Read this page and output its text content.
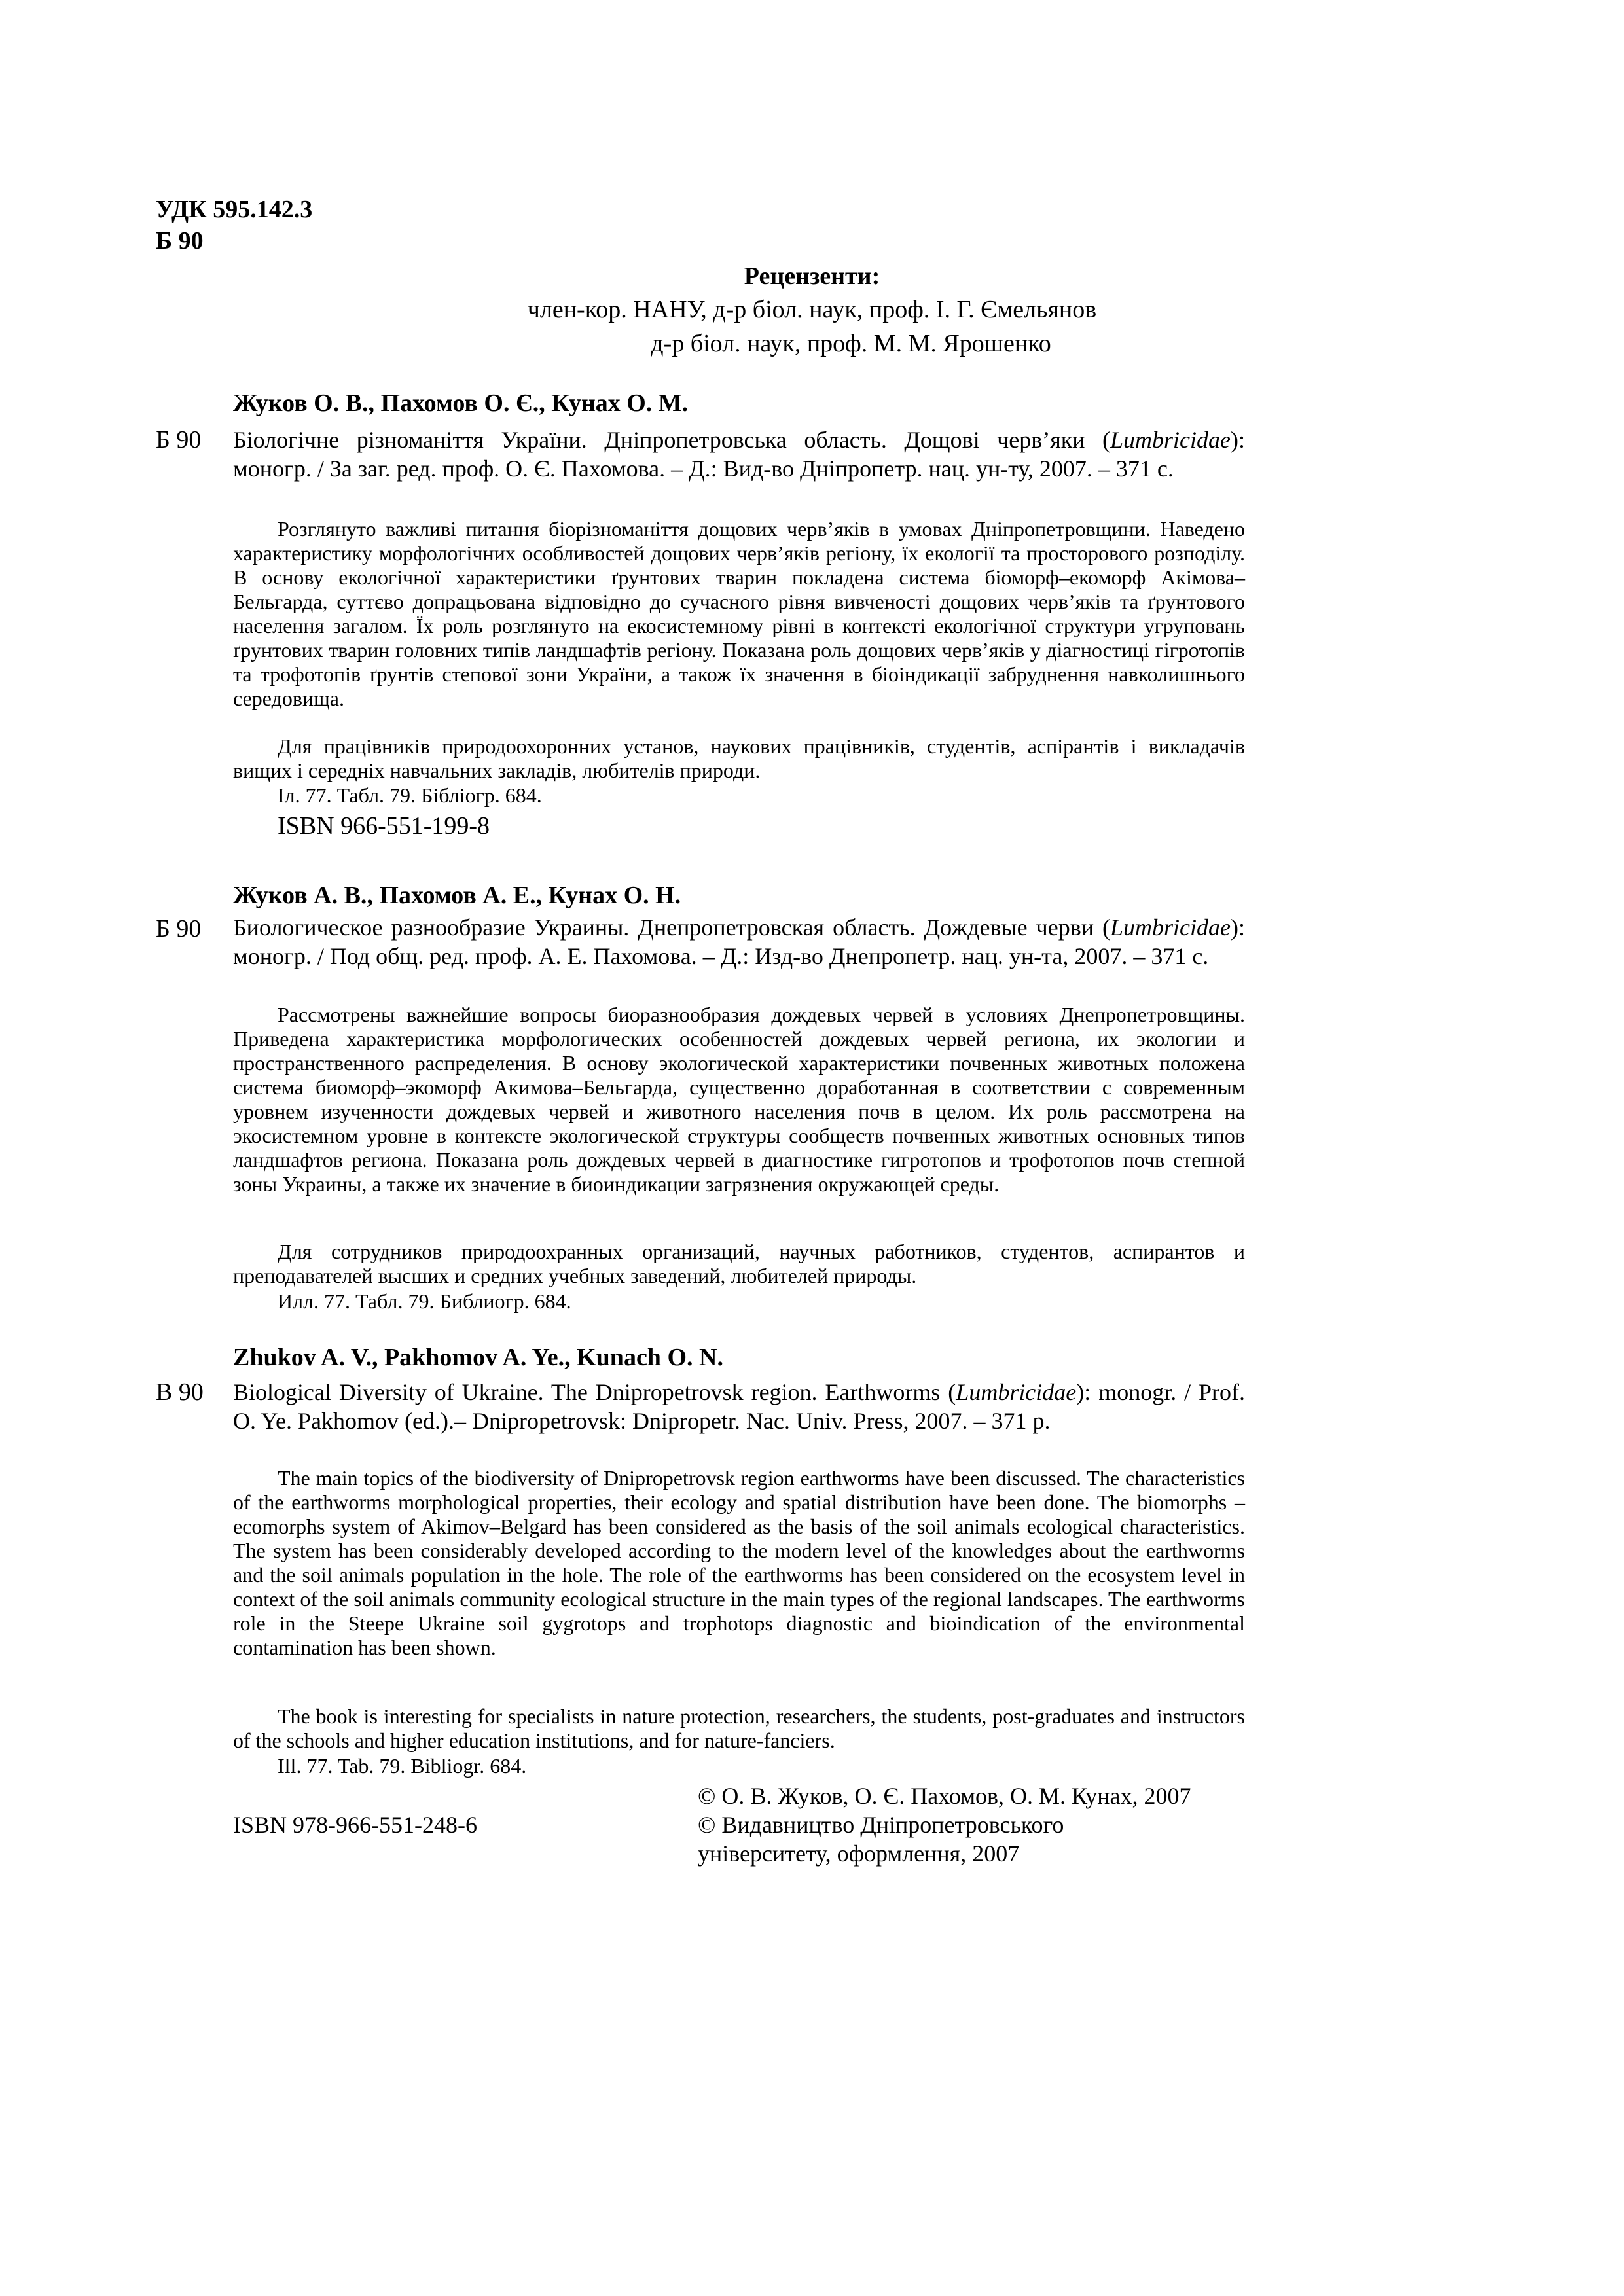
УДК 595.142.3
Б 90
Рецензенти:
член-кор. НАНУ, д-р біол. наук, проф. І. Г. Ємельянов
д-р біол. наук, проф. М. М. Ярошенко
Жуков О. В., Пахомов О. Є., Кунах О. М.
Б 90 Біологічне різноманіття України. Дніпропетровська область. Дощові черв’яки (Lumbricidae): моногр. / За заг. ред. проф. О. Є. Пахомова. – Д.: Вид-во Дніпропетр. нац. ун-ту, 2007. – 371 с.
Розглянуто важливі питання біорізноманіття дощових черв’яків в умовах Дніпропетровщини. Наведено характеристику морфологічних особливостей дощових черв’яків регіону, їх екології та просторового розподілу. В основу екологічної характеристики ґрунтових тварин покладена система біоморф–екоморф Акімова–Бельгарда, суттєво допрацьована відповідно до сучасного рівня вивченості дощових черв’яків та ґрунтового населення загалом. Їх роль розглянуто на екосистемному рівні в контексті екологічної структури угруповань ґрунтових тварин головних типів ландшафтів регіону. Показана роль дощових черв’яків у діагностиці гігротопів та трофотопів ґрунтів степової зони України, а також їх значення в біоіндикації забруднення навколишнього середовища.
Для працівників природоохоронних установ, наукових працівників, студентів, аспірантів і викладачів вищих і середніх навчальних закладів, любителів природи.
Іл. 77. Табл. 79. Бібліогр. 684.
ISBN 966-551-199-8
Жуков А. В., Пахомов А. Е., Кунах О. Н.
Б 90 Биологическое разнообразие Украины. Днепропетровская область. Дождевые черви (Lumbricidae): моногр. / Под общ. ред. проф. А. Е. Пахомова. – Д.: Изд-во Днепропетр. нац. ун-та, 2007. – 371 с.
Рассмотрены важнейшие вопросы биоразнообразия дождевых червей в условиях Днепропетровщины. Приведена характеристика морфологических особенностей дождевых червей региона, их экологии и пространственного распределения. В основу экологической характеристики почвенных животных положена система биоморф–экоморф Акимова–Бельгарда, существенно доработанная в соответствии с современным уровнем изученности дождевых червей и животного населения почв в целом. Их роль рассмотрена на экосистемном уровне в контексте экологической структуры сообществ почвенных животных основных типов ландшафтов региона. Показана роль дождевых червей в диагностике гигротопов и трофотопов почв степной зоны Украины, а также их значение в биоиндикации загрязнения окружающей среды.
Для сотрудников природоохранных организаций, научных работников, студентов, аспирантов и преподавателей высших и средних учебных заведений, любителей природы.
Илл. 77. Табл. 79. Библиогр. 684.
Zhukov A. V., Pakhomov A. Ye., Kunach O. N.
B 90 Biological Diversity of Ukraine. The Dnipropetrovsk region. Earthworms (Lumbricidae): monogr. / Prof. O. Ye. Pakhomov (ed.).– Dnipropetrovsk: Dnipropetr. Nac. Univ. Press, 2007. – 371 p.
The main topics of the biodiversity of Dnipropetrovsk region earthworms have been discussed. The characteristics of the earthworms morphological properties, their ecology and spatial distribution have been done. The biomorphs – ecomorphs system of Akimov–Belgard has been considered as the basis of the soil animals ecological characteristics. The system has been considerably developed according to the modern level of the knowledges about the earthworms and the soil animals population in the hole. The role of the earthworms has been considered on the ecosystem level in context of the soil animals community ecological structure in the main types of the regional landscapes. The earthworms role in the Steepe Ukraine soil gygrotops and trophotops diagnostic and bioindication of the environmental contamination has been shown.
The book is interesting for specialists in nature protection, researchers, the students, post-graduates and instructors of the schools and higher education institutions, and for nature-fanciers.
Ill. 77. Tab. 79. Bibliogr. 684.
ISBN 978-966-551-248-6
© О. В. Жуков, О. Є. Пахомов, О. М. Кунах, 2007
© Видавництво Дніпропетровського
університету, оформлення, 2007
